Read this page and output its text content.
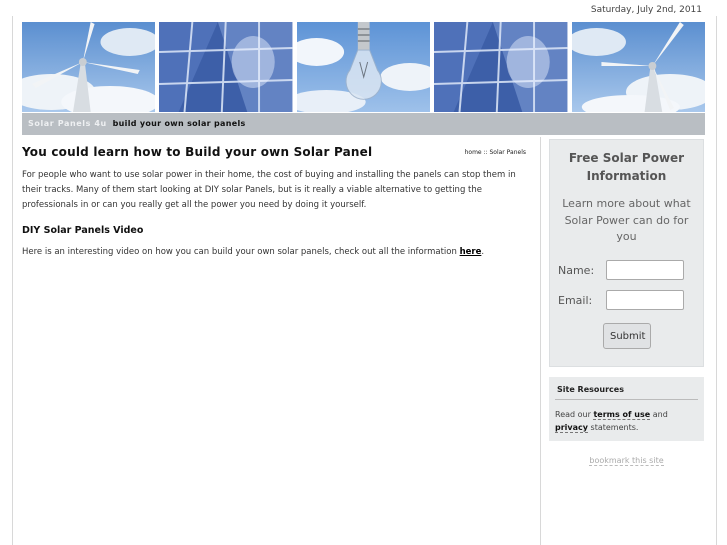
Saturday, July 2nd, 2011
Solar Panels 4u build your own solar panels
You could learn how to Build your own Solar Panel	home :: Solar Panels

For people who want to use solar power in their home, the cost of buying and installing the panels can stop them in their tracks. Many of them start looking at DIY solar Panels, but is it really a viable alternative to getting the professionals in or can you really get all the power you need by doing it yourself.

DIY Solar Panels Video

Here is an interesting video on how you can build your own solar panels, check out all the information here.

Free Solar Power Information
Learn more about what Solar Power can do for you
Name:
Email:
Submit
Site Resources
Read our terms of use and privacy statements.
bookmark this site
